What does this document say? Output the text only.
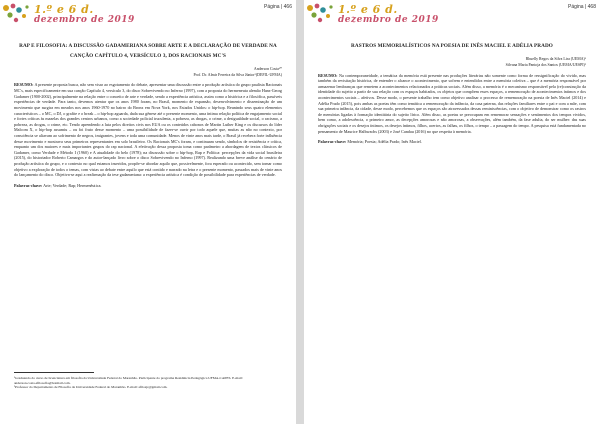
1.º e 6 d.
dezembro de 2019
Página | 466
RAP E FILOSOFIA: A DISCUSSÃO GADAMERIANA SOBRE ARTE E A DECLARAÇÃO DE VERDADE NA CANÇÃO CAPÍTULO 4, VERSÍCULO 3, DOS RACIONAIS MC'S
Anderson Costa¹*
Prof. Dr. Almir Ferreira da Silva Júnior²(DEFIL-UFMA)
RESUMO: A presente proposta busca, não sem visar ao esgotamento do debate, apresentar uma discussão entre a produção artística do grupo paulista Racionais MC's, mais especificamente em sua canção Capítulo 4, versículo 3, do disco Sobrevivendo no Inferno (1997), com a proposta do hermeneuta alemão Hans-Georg Gadamer (1900-2002), principalmente na relação entre o conceito de arte e verdade, sendo a experiência artística, assim como a histórica e a filosófica, passíveis experiências de verdade. Para tanto, devemos atentar que os anos 1980 foram, no Brasil, momento de expansão, desenvolvimento e disseminação de um movimento que surgira em meados nos anos 1960-1970 no bairro do Bronx em Nova York, nos Estados Unidos: o hip-hop. Reunindo seus quatro elementos característicos – o MC, o DJ, o grafite e o break – o hip-hop aguarda, dada sua gênese até o presente momento, uma íntima relação política de engajamento social e fortes críticas às mazelas dos grandes centros urbanos, como a sociedade policial truculenta, a pobreza, as drogas, o crime, a desigualdade social, o racismo, a pobreza, as drogas, o crime, etc. Tendo aprendendo a luta pelos direitos civis nos EUA ou os conteúdos cabonos de Martin Luther King e os discursos do líder Malcom X, o hip-hop assumiu – ou foi fruto desse momento – uma possibilidade de fazer-se ouvir por todo aquele que, muitas as não no contexto, por consciência se aliavam ao sofrimento de negros, imigrantes, jovens e toda uma comunidade. Menos de vinte anos mais tarde, o Brasil já recebera forte influência desse movimento e mostrava seus primeiros representantes em solo brasileiro. Os Racionais MC's foram, e continuam sendo, símbolos de resistência e crítica, enquanto um dos maiores e mais importantes grupos do rap nacional. A efetivação dessa proposta toma como parâmetro a abordagem de textos clássicos de Gadamer, como Verdade e Método I (1960) e A atualidade do belo (1978); na discussão sobre o hip-hop, Rap e Política: percepções da vida social brasileira (2015), do historiador Roberto Camargos e do autor-lançado livro sobre o disco Sobrevivendo no Inferno (1997). Realizando uma breve análise do cenário de produção artística do grupo, e o contexto no qual estamos inseridos, propõe-se abordar aquilo que, possivelmente, fora esperado ou acontecido, sem tornar como objetivo a exploração de todos o temas, com vistas ao debate entre aquilo que está contido e narrado na letra e o presente momento, passados mais de vinte anos do lançamento do disco. Objetiva-se aqui a reafirmação da tese gadameriana: a experiência artística é condição de possibilidade para experiências de verdade.
Palavras-chave: Arte; Verdade; Rap; Hermenêutica.
¹Graduando do curso de licenciatura em filosofia da Universidade Federal do Maranhão. Participante do programa Residência Pedagógica UFMA-CAPES. E-mail: anderson.costa.afilosofia@hotmail.com.
²Professor do Departamento de Filosofia da Universidade Federal do Maranhão. E-mail: afilosjr@gmail.com.
1.º e 6 d.
dezembro de 2019
Página | 468
RASTROS MEMORIALÍSTICOS NA POESIA DE INÊS MACIEL E ADÉLIA PRADO
Rhuelly Regos da Silva Lira (UEMA)¹
Silvana Maria Pantoja dos Santos (UEMA/UESPI)²
RESUMO: Na contemporaneidade, a temática da memória está presente nas produções literárias não somente como forma de ressignificação do vivido, mas também da revisitação histórica, de entender o alcance o acontecimento, que sofrem e entendidos entre a memória coletiva – que é a memória responsável por armazenar lembranças que remetem a acontecimentos relacionados a práticas sociais. Além disso, a memória é o mecanismo responsável pela (re)construção da identidade do sujeito a partir de sua relação com os espaços habitados, os objetos que compõem esses espaços, a rememoração de acontecimentos íntimos e dos acontecimentos sociais – afetivos. Desse modo, o presente trabalho tem como objetivo analisar o processo de rememoração na poesia de Inês Maciel (2014) e Adélia Prado (2015), pois ambas as poetas têm como temática a rememoração da infância, da casa paterna, das relações familiares entre o pai e com a mãe, com sua primeira infância, da cidade, desse modo, percebemos que os espaços são atravessados dessas reminiscências, com o objetivo de demonstrar como os rastros de memórias ligadas à formação identitária do sujeito lírico. Além disso, as poetas se preocupam em rememorar sensações e sentimentos dos tempos vividos, bem como, a adolescência, o primeiro amor, as decepções amorosas e não amorosas, a observações, além também, da fase adulta, do ser mulher: das suas obrigações sociais e os desejos íntimos, os desejos íntimos, filhos, acertos, as falhas, os filhos, o tempo – a passagem do tempo. A pesquisa está fundamentada no pensamento de Maurice Halbwachs (2003) e José Candau (2016) no que respeita à memória.
Palavras-chave: Memória; Poesia; Adélia Prado; Inês Maciel.
